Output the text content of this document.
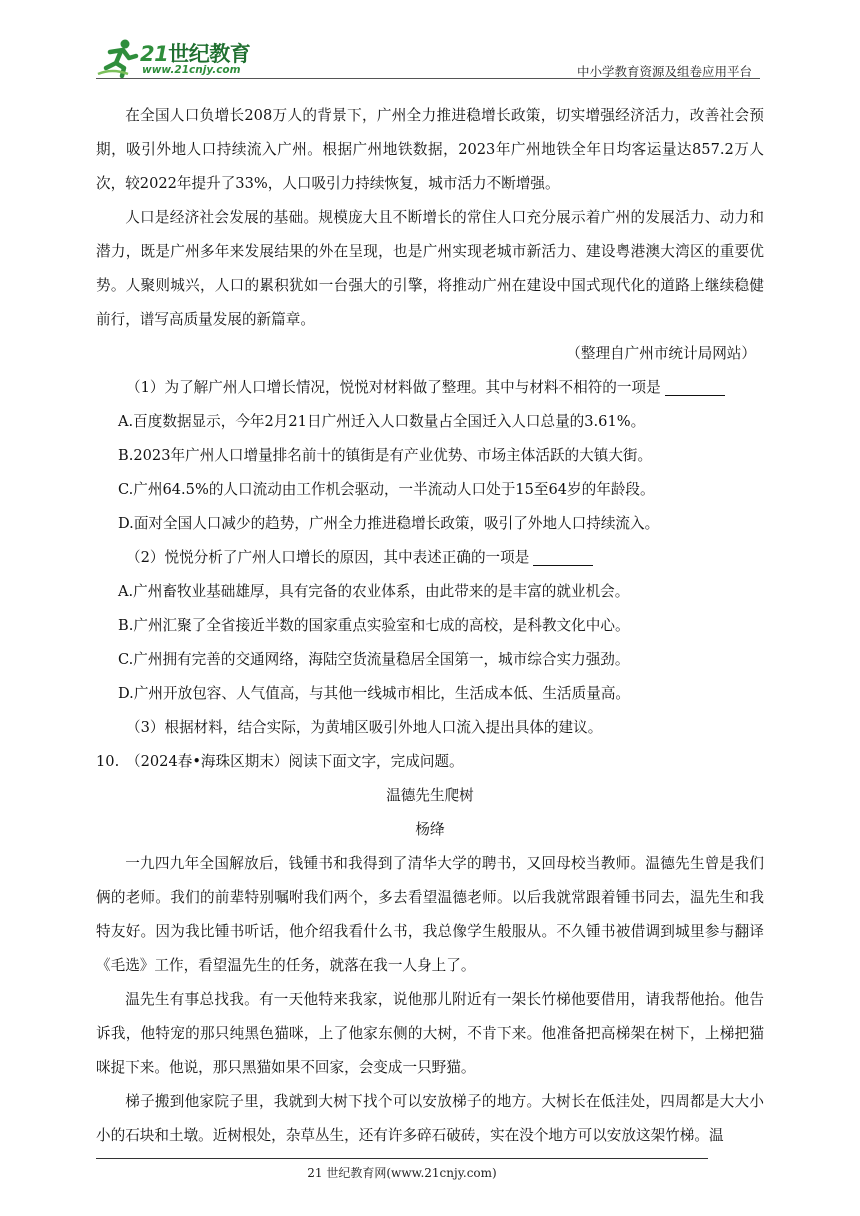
21世纪教育
www.21cnjy.com	中小学教育资源及组卷应用平台

在全国人口负增长208万人的背景下，广州全力推进稳增长政策，切实增强经济活力，改善社会预期，吸引外地人口持续流入广州。根据广州地铁数据，2023年广州地铁全年日均客运量达857.2万人次，较2022年提升了33%，人口吸引力持续恢复，城市活力不断增强。

人口是经济社会发展的基础。规模庞大且不断增长的常住人口充分展示着广州的发展活力、动力和潜力，既是广州多年来发展结果的外在呈现，也是广州实现老城市新活力、建设粤港澳大湾区的重要优势。人聚则城兴，人口的累积犹如一台强大的引擎，将推动广州在建设中国式现代化的道路上继续稳健前行，谱写高质量发展的新篇章。

（整理自广州市统计局网站）

（1）为了解广州人口增长情况，悦悦对材料做了整理。其中与材料不相符的一项是

A.百度数据显示，今年2月21日广州迁入人口数量占全国迁入人口总量的3.61%。

B.2023年广州人口增量排名前十的镇街是有产业优势、市场主体活跃的大镇大街。

C.广州64.5%的人口流动由工作机会驱动，一半流动人口处于15至64岁的年龄段。

D.面对全国人口减少的趋势，广州全力推进稳增长政策，吸引了外地人口持续流入。

（2）悦悦分析了广州人口增长的原因，其中表述正确的一项是

A.广州畜牧业基础雄厚，具有完备的农业体系，由此带来的是丰富的就业机会。

B.广州汇聚了全省接近半数的国家重点实验室和七成的高校，是科教文化中心。

C.广州拥有完善的交通网络，海陆空货流量稳居全国第一，城市综合实力强劲。

D.广州开放包容、人气值高，与其他一线城市相比，生活成本低、生活质量高。

（3）根据材料，结合实际，为黄埔区吸引外地人口流入提出具体的建议。

10. （2024春•海珠区期末）阅读下面文字，完成问题。

温德先生爬树

杨绛

一九四九年全国解放后，钱锺书和我得到了清华大学的聘书，又回母校当教师。温德先生曾是我们俩的老师。我们的前辈特别嘱咐我们两个，多去看望温德老师。以后我就常跟着锺书同去，温先生和我特友好。因为我比锺书听话，他介绍我看什么书，我总像学生般服从。不久锺书被借调到城里参与翻译《毛选》工作，看望温先生的任务，就落在我一人身上了。

温先生有事总找我。有一天他特来我家，说他那儿附近有一架长竹梯他要借用，请我帮他抬。他告诉我，他特宠的那只纯黑色猫咪，上了他家东侧的大树，不肯下来。他准备把高梯架在树下，上梯把猫咪捉下来。他说，那只黑猫如果不回家，会变成一只野猫。

梯子搬到他家院子里，我就到大树下找个可以安放梯子的地方。大树长在低洼处，四周都是大大小小的石块和土墩。近树根处，杂草丛生，还有许多碎石破砖，实在没个地方可以安放这架竹梯。温

21 世纪教育网(www.21cnjy.com)
